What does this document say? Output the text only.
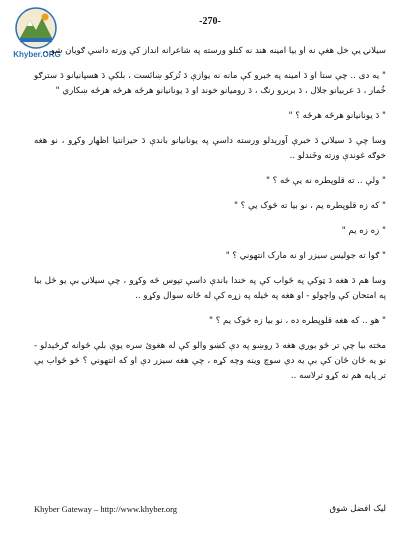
Khyber.ORG
-270-

سیلانۍ یې خل هغې نه او بیا امینه هند نه کتلو ورسته په شاعرانه انداز کې ورته داسې ګویان شو ..

" یه دی .. چې ستا او دَ امینه په خبرو کې مانه نه یوازې دَ تُرکو ښائست ، بلکې دَ هسپانیانو دَ سترګو خُمار ، دَ عربیانو جلال ، دَ بربرو رنګ ، دَ رومیانو خوند او دَ یونانیانو هرځه هرځه هرځه ښکاري "

" دَ یونانیانو هرځه هرځه ؟ "

وسا چې دَ سیلانۍ دَ خبرې آورېدلو ورسته داسې په یونانیانو باندې دَ حیرانتیا اظهار وکړو ، نو هغه خوګه غوندې ورته وخَندلو ..

" ولې .. ته قلوپطره نه یې څه ؟ "

" که زه قلوپطره یم ، نو بیا ته څوک یې ؟ "

" زه زه یم "

" ګوا ته جولیس سیزر او نه مارک انتهوني ؟ "

وسا هم دَ هغه دَ ټوکې په ځواب کې په خندا باندې داسې تپوس څه وکړو ، چې سیلانۍ بې یو څل بیا په امتحان کې واچولو - او هغه په څیله په زړه کې له ځانه سوال وکړو ..

" هو .. که هغه قلوپطره ده ، نو بیا زه څوک یم ؟ "

مخته بیا چې تر څو بوري هغه دَ روښو په دې کښو والو کې له هغوئ سره یوې بلې ځوانه ګرځېدلو - نو یه ځان ځان کې بې یه دې سوچ وینه وچه کړه ، چې هغه سیزر دې او که انتهوني ؟ څو ځواب یې تر پایه هم نه کړو ترلاسه ..

Khyber Gateway – http://www.khyber.org	لیک افضل شوق
